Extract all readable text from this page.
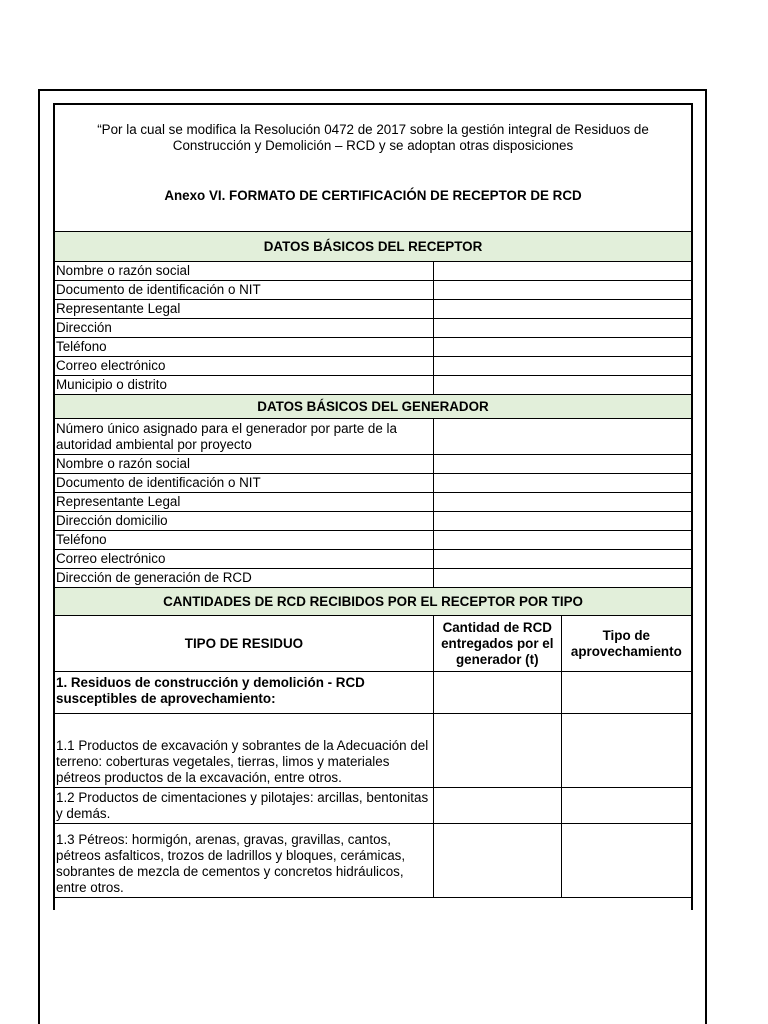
“Por la cual se modifica la Resolución 0472 de 2017 sobre la gestión integral de Residuos de Construcción y Demolición – RCD y se adoptan otras disposiciones
Anexo VI. FORMATO DE CERTIFICACIÓN DE RECEPTOR DE RCD
DATOS BÁSICOS DEL RECEPTOR		
Nombre o razón social		
Documento de identificación o NIT		
Representante Legal		
Dirección		
Teléfono		
Correo electrónico		
Municipio o distrito		
DATOS BÁSICOS DEL GENERADOR		
Número único asignado para el generador por parte de la autoridad ambiental por proyecto		
Nombre o razón social		
Documento de identificación o NIT		
Representante Legal		
Dirección domicilio		
Teléfono		
Correo electrónico		
Dirección de generación de RCD		
CANTIDADES DE RCD RECIBIDOS POR EL RECEPTOR POR TIPO		
TIPO DE RESIDUO	Cantidad de RCD entregados por el generador (t)	Tipo de aprovechamiento
1. Residuos de construcción y demolición - RCD susceptibles de aprovechamiento:		
1.1 Productos de excavación y sobrantes de la Adecuación del terreno: coberturas vegetales, tierras, limos y materiales pétreos productos de la excavación, entre otros.		
1.2 Productos de cimentaciones y pilotajes: arcillas, bentonitas y demás.		
1.3 Pétreos: hormigón, arenas, gravas, gravillas, cantos, pétreos asfalticos, trozos de ladrillos y bloques, cerámicas, sobrantes de mezcla de cementos y concretos hidráulicos, entre otros.		
